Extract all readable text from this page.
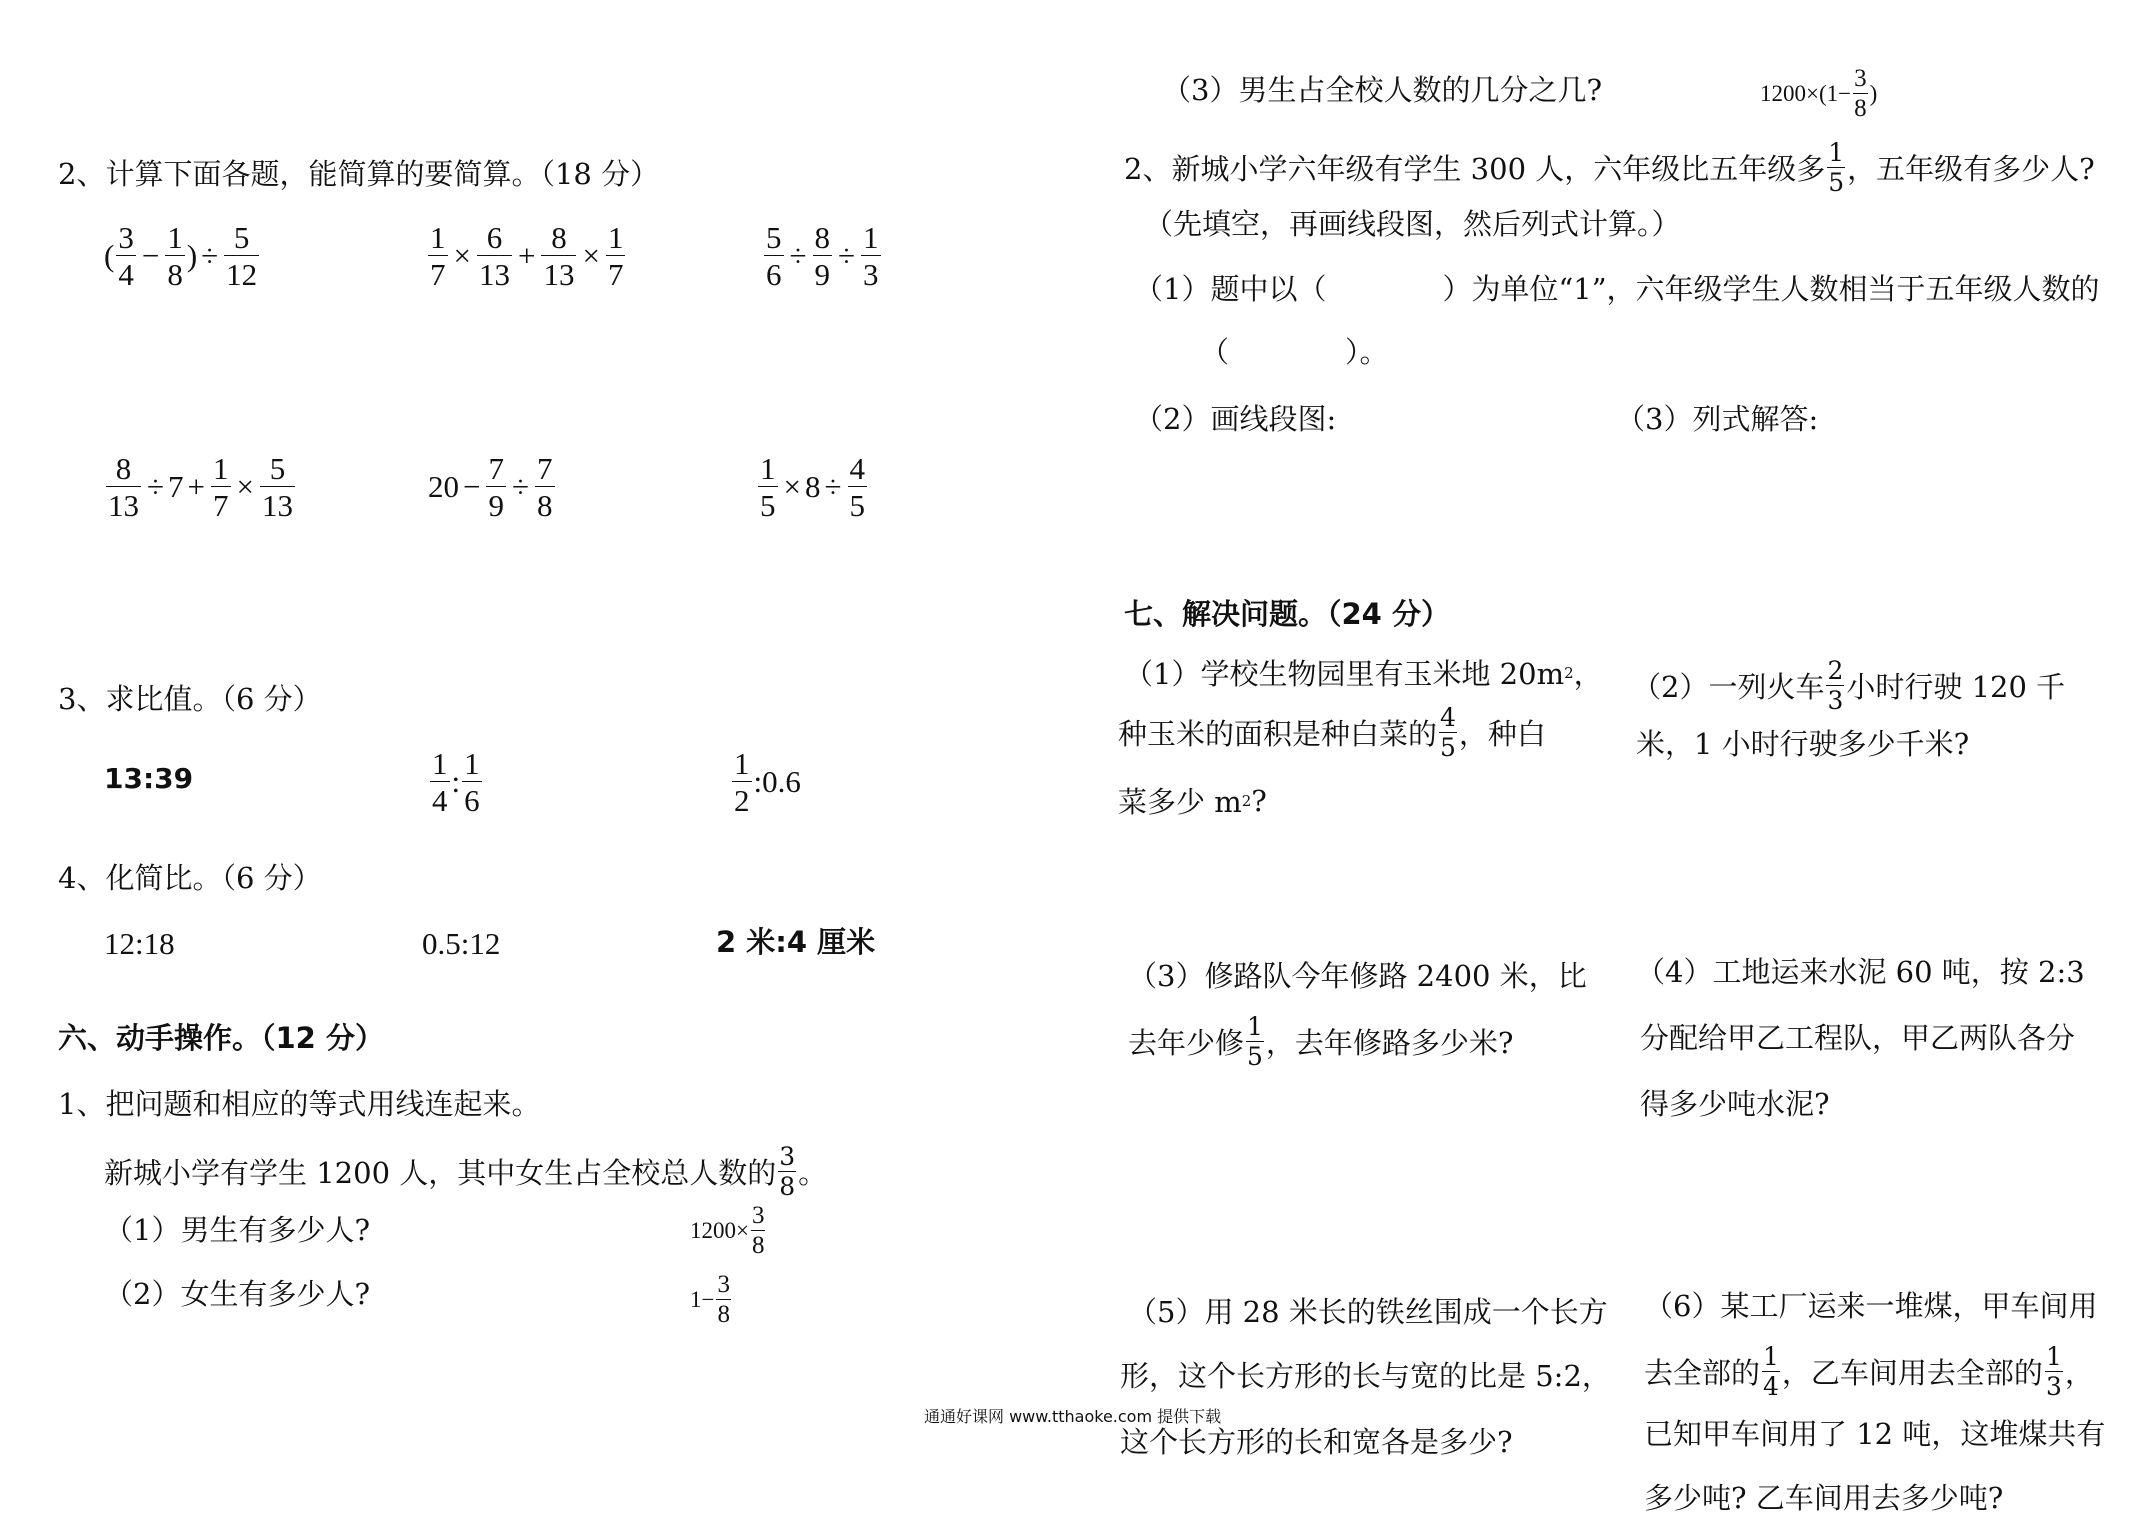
2、计算下面各题，能简算的要简算。（18 分）
( $\frac{3}{4} - \frac{1}{8}$ ) ÷ $\frac{5}{12}$	$\frac{1}{7} \times \frac{6}{13} + \frac{8}{13} \times \frac{1}{7}$	$\frac{5}{6} \div \frac{8}{9} \div \frac{1}{3}$
$\frac{8}{13} \div 7 + \frac{1}{7} \times \frac{5}{13}$	$20 - \frac{7}{9} \div \frac{7}{8}$	$\frac{1}{5} \times 8 \div \frac{4}{5}$
3、求比值。（6 分）
13:39	$\frac{1}{4}$ : $\frac{1}{6}$	$\frac{1}{2}$ :0.6
4、化简比。（6 分）
12:18	0.5:12	2 米:4 厘米
六、动手操作。（12 分）
1、把问题和相应的等式用线连起来。
新城小学有学生 1200 人，其中女生占全校总人数的 $\frac{3}{8}$ 。
（1）男生有多少人?	$1200\times \frac{3}{8}$
（2）女生有多少人?	$1- \frac{3}{8}$
（3）男生占全校人数的几分之几?	$1200\times(1- \frac{3}{8}$ )
2、新城小学六年级有学生 300 人，六年级比五年级多 $\frac{1}{5}$ ，五年级有多少人?
（先填空，再画线段图，然后列式计算。）
（1）题中以（　　　　）为单位“1”，六年级学生人数相当于五年级人数的
（　　　　）。
（2）画线段图:	（3）列式解答:
七、解决问题。（24 分）
（1）学校生物园里有玉米地 20m 2 ，
种玉米的面积是种白菜的 $\frac{4}{5}$ ，种白
菜多少 m 2 ?
（2）一列火车 $\frac{2}{3}$ 小时行驶 120 千
米，1 小时行驶多少千米?
（3）修路队今年修路 2400 米，比
去年少修 $\frac{1}{5}$ ，去年修路多少米?
（4）工地运来水泥 60 吨，按 2:3
分配给甲乙工程队，甲乙两队各分
得多少吨水泥?
（5）用 28 米长的铁丝围成一个长方
形，这个长方形的长与宽的比是 5:2，
这个长方形的长和宽各是多少?
（6）某工厂运来一堆煤，甲车间用
去全部的 $\frac{1}{4}$ ，乙车间用去全部的 $\frac{1}{3}$ ，
已知甲车间用了 12 吨，这堆煤共有
多少吨? 乙车间用去多少吨?
通通好课网 www.tthaoke.com 提供下载
